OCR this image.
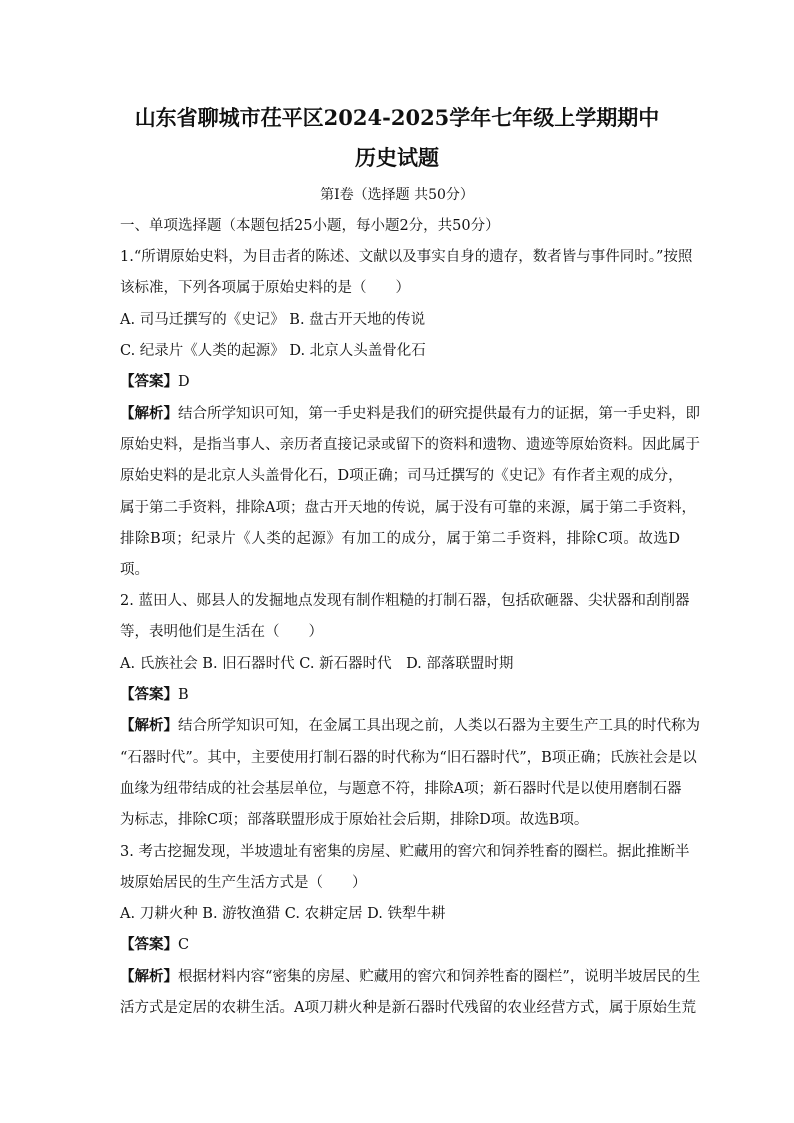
山东省聊城市茌平区2024-2025学年七年级上学期期中
历史试题

第Ⅰ卷（选择题 共50分）

一、单项选择题（本题包括25小题，每小题2分，共50分）

1.“所谓原始史料，为目击者的陈述、文献以及事实自身的遗存，数者皆与事件同时。”按照

该标准，下列各项属于原始史料的是（　　）

A. 司马迁撰写的《史记》 B. 盘古开天地的传说

C. 纪录片《人类的起源》 D. 北京人头盖骨化石

【答案】D

【解析】结合所学知识可知，第一手史料是我们的研究提供最有力的证据，第一手史料，即

原始史料，是指当事人、亲历者直接记录或留下的资料和遗物、遗迹等原始资料。因此属于

原始史料的是北京人头盖骨化石，D项正确；司马迁撰写的《史记》有作者主观的成分，

属于第二手资料，排除A项；盘古开天地的传说，属于没有可靠的来源，属于第二手资料，

排除B项；纪录片《人类的起源》有加工的成分，属于第二手资料，排除C项。故选D

项。

2. 蓝田人、郧县人的发掘地点发现有制作粗糙的打制石器，包括砍砸器、尖状器和刮削器

等，表明他们是生活在（　　）

A. 氏族社会 B. 旧石器时代 C. 新石器时代　D. 部落联盟时期

【答案】B

【解析】结合所学知识可知，在金属工具出现之前，人类以石器为主要生产工具的时代称为

“石器时代”。其中，主要使用打制石器的时代称为“旧石器时代”，B项正确；氏族社会是以

血缘为纽带结成的社会基层单位，与题意不符，排除A项；新石器时代是以使用磨制石器

为标志，排除C项；部落联盟形成于原始社会后期，排除D项。故选B项。

3. 考古挖掘发现，半坡遗址有密集的房屋、贮藏用的窖穴和饲养牲畜的圈栏。据此推断半

坡原始居民的生产生活方式是（　　）

A. 刀耕火种 B. 游牧渔猎 C. 农耕定居 D. 铁犁牛耕

【答案】C

【解析】根据材料内容“密集的房屋、贮藏用的窖穴和饲养牲畜的圈栏”，说明半坡居民的生

活方式是定居的农耕生活。A项刀耕火种是新石器时代残留的农业经营方式，属于原始生荒
